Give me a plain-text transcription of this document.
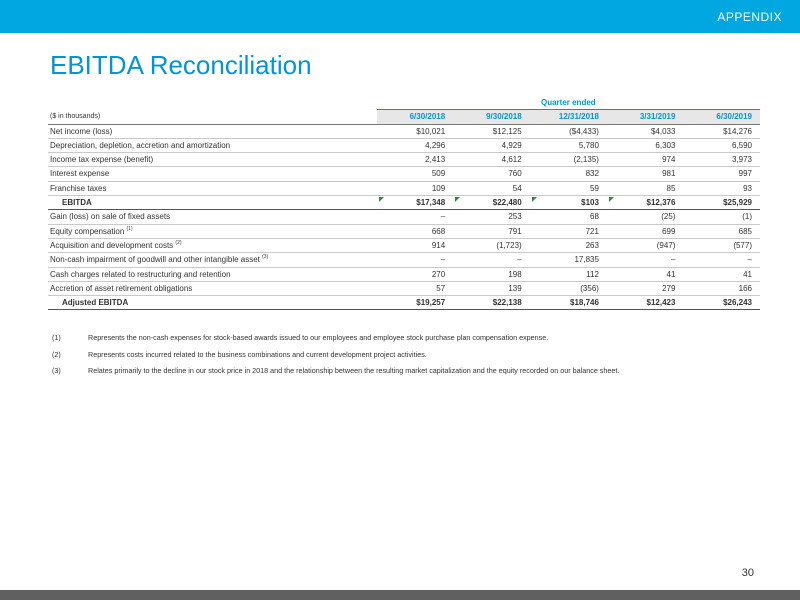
APPENDIX
EBITDA Reconciliation
	Quarter ended				
($ in thousands)	6/30/2018	9/30/2018	12/31/2018	3/31/2019	6/30/2019
Net income (loss)	$10,021	$12,125	($4,433)	$4,033	$14,276
Depreciation, depletion, accretion and amortization	4,296	4,929	5,780	6,303	6,590
Income tax expense (benefit)	2,413	4,612	(2,135)	974	3,973
Interest expense	509	760	832	981	997
Franchise taxes	109	54	59	85	93
EBITDA	$17,348	$22,480	$103	$12,376	$25,929
Gain (loss) on sale of fixed assets	–	253	68	(25)	(1)
Equity compensation $^{(1)}$	668	791	721	699	685
Acquisition and development costs $^{(2)}$	914	(1,723)	263	(947)	(577)
Non-cash impairment of goodwill and other intangible asset $^{(3)}$	–	–	17,835	–	–
Cash charges related to restructuring and retention	270	198	112	41	41
Accretion of asset retirement obligations	57	139	(356)	279	166
Adjusted EBITDA	$19,257	$22,138	$18,746	$12,423	$26,243
(1)	Represents the non-cash expenses for stock-based awards issued to our employees and employee stock purchase plan compensation expense.
(2)	Represents costs incurred related to the business combinations and current development project activities.
(3)	Relates primarily to the decline in our stock price in 2018 and the relationship between the resulting market capitalization and the equity recorded on our balance sheet.
30
